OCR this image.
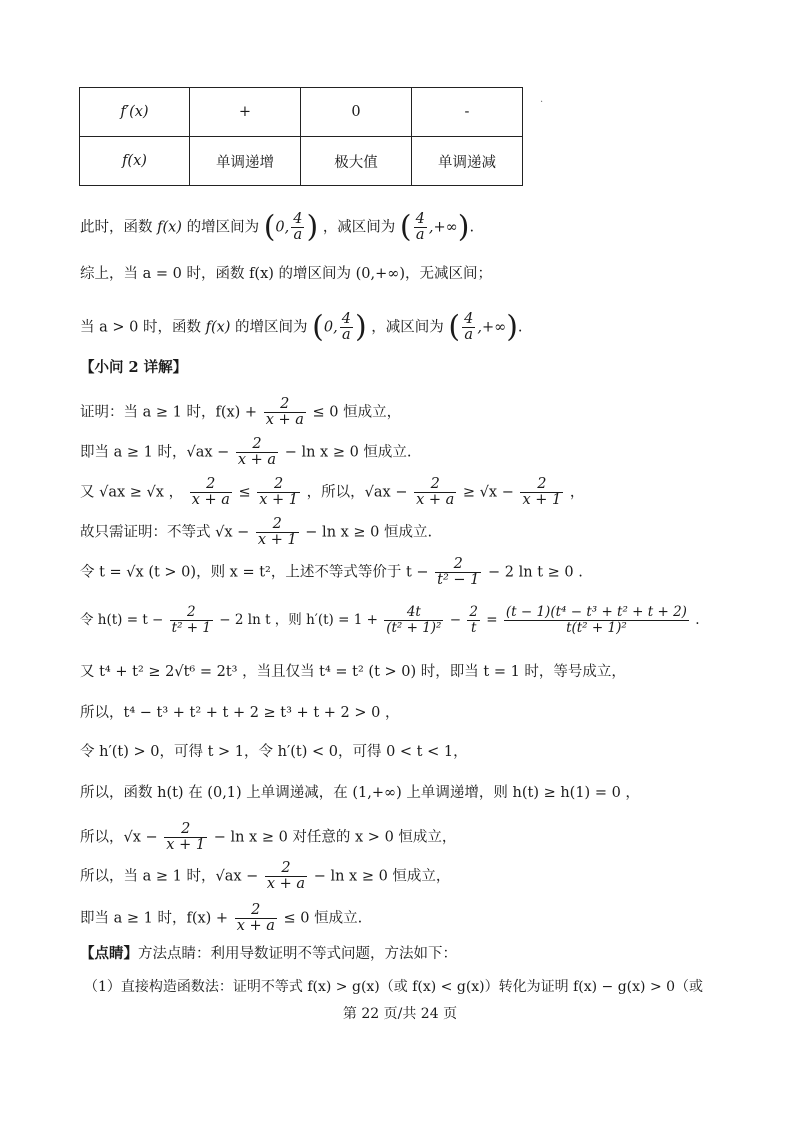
·
f′(x)	+	0	-
f(x)	单调递增	极大值	单调递减
此时，函数 f(x) 的增区间为 (0, $\frac{4}{a}$ ) ，减区间为 ( $\frac{4}{a}$ ,+∞).
综上，当 a = 0 时，函数 f(x) 的增区间为 (0,+∞)，无减区间；
当 a > 0 时，函数 f(x) 的增区间为 (0, $\frac{4}{a}$ ) ，减区间为 ( $\frac{4}{a}$ ,+∞).
【小问 2 详解】
证明：当 a ≥ 1 时，$f(x) + \frac{2}{x + a} \le 0$ 恒成立，
即当 a ≥ 1 时，$√ax - \frac{2}{x + a} - \ln x \ge 0$ 恒成立.
又 √ax ≥ √x ， $\frac{2}{x + a} \le \frac{2}{x + 1}$ ，所以，$√ax - \frac{2}{x + a} \ge √x - \frac{2}{x + 1}$ ，
故只需证明：不等式 $√x - \frac{2}{x + 1} - \ln x \ge 0$ 恒成立.
令 t = √x (t > 0)，则 x = t²，上述不等式等价于 $t - \frac{2}{\text{t² − 1}} - 2$ ln t ≥ 0 .
令 $h(t) = t - \frac{2}{\text{t² + 1}} - 2$ ln t ，则 $h'(t) = 1 + \frac{4t}{\text{(t² + 1)²}} - \frac{2}{t} = \frac{\text{(t − 1)(t⁴ − t³ + t² + t + 2)}}{\text{t(t² + 1)²}}$ .
又 t⁴ + t² ≥ 2√t⁶ = 2t³ ，当且仅当 t⁴ = t² (t > 0) 时，即当 t = 1 时，等号成立，
所以，t⁴ − t³ + t² + t + 2 ≥ t³ + t + 2 > 0 ，
令 h′(t) > 0，可得 t > 1，令 h′(t) < 0，可得 0 < t < 1，
所以，函数 h(t) 在 (0,1) 上单调递减，在 (1,+∞) 上单调递增，则 h(t) ≥ h(1) = 0 ，
所以，$√x - \frac{2}{x + 1} - \ln x \ge 0$ 对任意的 x > 0 恒成立，
所以，当 a ≥ 1 时，$√ax - \frac{2}{x + a} - \ln x \ge 0$ 恒成立，
即当 a ≥ 1 时，$f(x) + \frac{2}{x + a} \le 0$ 恒成立.
【点睛】方法点睛：利用导数证明不等式问题，方法如下：
（1）直接构造函数法：证明不等式 f(x) > g(x)（或 f(x) < g(x)）转化为证明 f(x) − g(x) > 0（或
第 22 页/共 24 页
